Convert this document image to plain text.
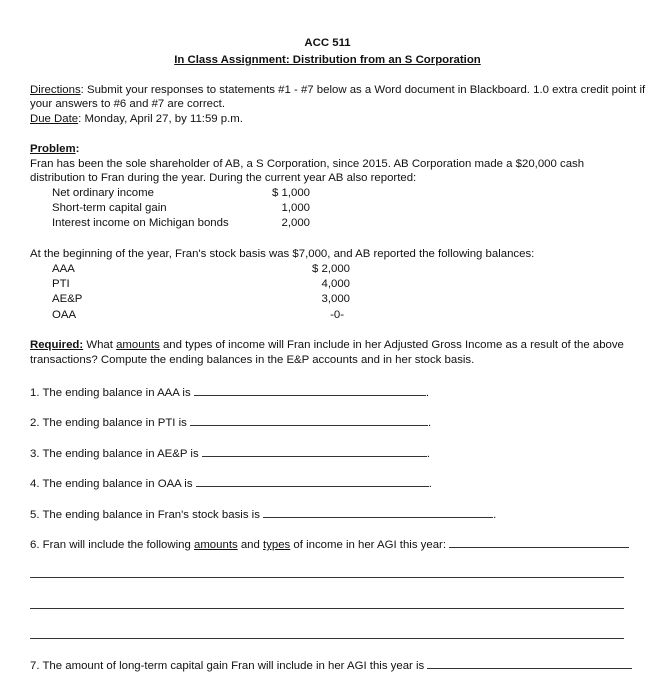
ACC 511
In Class Assignment: Distribution from an S Corporation
Directions: Submit your responses to statements #1 - #7 below as a Word document in Blackboard. 1.0 extra credit point if
your answers to #6 and #7 are correct.
Due Date: Monday, April 27, by 11:59 p.m.
Problem:
Fran has been the sole shareholder of AB, a S Corporation, since 2015. AB Corporation made a $20,000 cash
distribution to Fran during the year. During the current year AB also reported:
Net ordinary income	$ 1,000
Short-term capital gain	1,000
Interest income on Michigan bonds	2,000
At the beginning of the year, Fran's stock basis was $7,000, and AB reported the following balances:
AAA	$ 2,000
PTI	4,000
AE&P	3,000
OAA	-0-
Required: What amounts and types of income will Fran include in her Adjusted Gross Income as a result of the above
transactions? Compute the ending balances in the E&P accounts and in her stock basis.
1. The ending balance in AAA is	.
2. The ending balance in PTI is	.
3. The ending balance in AE&P is	.
4. The ending balance in OAA is	.
5. The ending balance in Fran's stock basis is	.
6. Fran will include the following amounts and types of income in her AGI this year:
7. The amount of long-term capital gain Fran will include in her AGI this year is
